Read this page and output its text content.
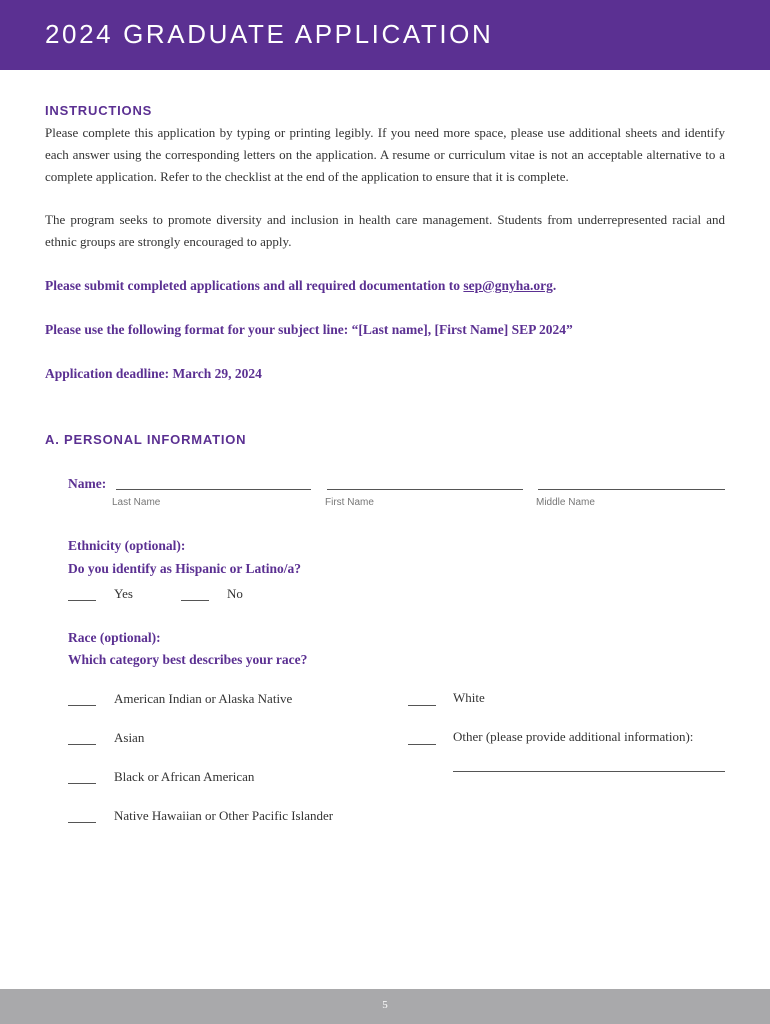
2024 GRADUATE APPLICATION
INSTRUCTIONS
Please complete this application by typing or printing legibly. If you need more space, please use additional sheets and identify each answer using the corresponding letters on the application. A resume or curriculum vitae is not an acceptable alternative to a complete application. Refer to the checklist at the end of the application to ensure that it is complete.
The program seeks to promote diversity and inclusion in health care management. Students from underrepresented racial and ethnic groups are strongly encouraged to apply.
Please submit completed applications and all required documentation to sep@gnyha.org.
Please use the following format for your subject line: “[Last name], [First Name] SEP 2024”
Application deadline: March 29, 2024
A. PERSONAL INFORMATION
Name:
Last Name	First Name	Middle Name
Ethnicity (optional):
Do you identify as Hispanic or Latino/a?
Yes	No
Race (optional):
Which category best describes your race?
American Indian or Alaska Native
Asian
Black or African American
Native Hawaiian or Other Pacific Islander
White
Other (please provide additional information):
5
